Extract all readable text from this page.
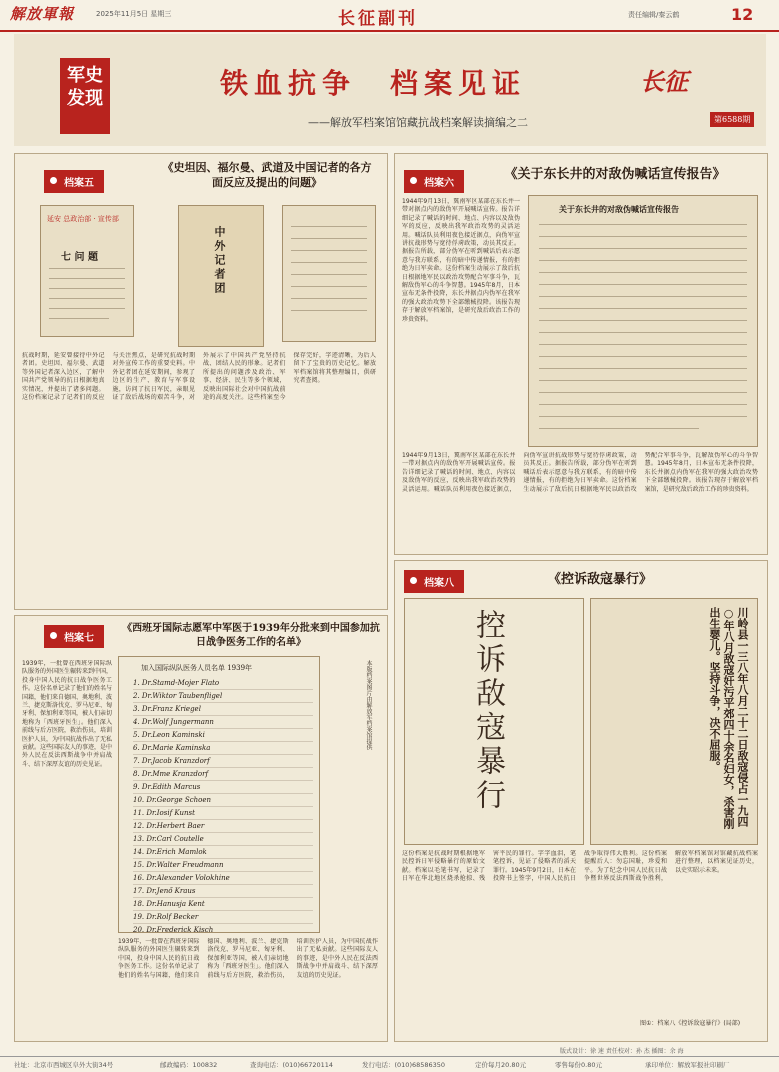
解放軍報	2025年11月5日 星期三	长征副刊	责任编辑/秦云鹤	12
军史
发现	铁血抗争　档案见证
——解放军档案馆馆藏抗战档案解读摘编之二
长征
第6588期
档案五
《史坦因、福尔曼、武道及中国记者的各方面反应及提出的问题》
延安 总政治部 · 宣传部
七 问 题	中外记者团
抗战时期，延安曾接待中外记者团。史坦因、福尔曼、武道等外国记者深入边区，了解中国共产党领导的抗日根据地真实情况，并提出了诸多问题。这份档案记录了记者们的反应与关注焦点，是研究抗战时期对外宣传工作的重要史料。中外记者团在延安期间，参观了边区的生产、教育与军事设施，访问了抗日军民，亲眼见证了敌后战场的艰苦斗争，对外展示了中国共产党坚持抗战、团结人民的形象。记者们所提出的问题涉及政治、军事、经济、民生等多个领域，反映出国际社会对中国抗战前途的高度关注。这些档案至今保存完好，字迹清晰，为后人留下了宝贵的历史记忆。解放军档案馆将其整理编目，供研究者查阅。
档案六
《关于东长井的对敌伪喊话宣传报告》
1944年9月13日，冀南军区某部在东长井一带对据点内的敌伪军开展喊话宣传。报告详细记录了喊话的时间、地点、内容以及敌伪军的反应，反映出我军政治攻势的灵活运用。喊话队员利用夜色接近据点，向伪军宣讲抗战形势与宽待俘虏政策，动员其反正。据报告所载，部分伪军在听到喊话后表示愿意与我方联系，有的暗中传递情报，有的拒绝为日军卖命。这份档案生动展示了敌后抗日根据地军民以政治攻势配合军事斗争，瓦解敌伪军心的斗争智慧。1945年8月，日本宣布无条件投降，东长井据点内伪军在我军的强大政治攻势下全部缴械投降。该报告现存于解放军档案馆，是研究敌后政治工作的珍贵资料。
关于东长井的对敌伪喊话宣传报告
1944年9月13日，冀南军区某部在东长井一带对据点内的敌伪军开展喊话宣传。报告详细记录了喊话的时间、地点、内容以及敌伪军的反应，反映出我军政治攻势的灵活运用。喊话队员利用夜色接近据点，向伪军宣讲抗战形势与宽待俘虏政策，动员其反正。据报告所载，部分伪军在听到喊话后表示愿意与我方联系，有的暗中传递情报，有的拒绝为日军卖命。这份档案生动展示了敌后抗日根据地军民以政治攻势配合军事斗争，瓦解敌伪军心的斗争智慧。1945年8月，日本宣布无条件投降，东长井据点内伪军在我军的强大政治攻势下全部缴械投降。该报告现存于解放军档案馆，是研究敌后政治工作的珍贵资料。
档案七
《西班牙国际志愿军中军医于1939年分批来到中国参加抗日战争医务工作的名单》
1939年，一批曾在西班牙国际纵队服务的外国医生辗转来到中国，投身中国人民的抗日战争医务工作。这份名单记录了他们的姓名与国籍，他们来自德国、奥地利、波兰、捷克斯洛伐克、罗马尼亚、匈牙利、保加利亚等国，被人们亲切地称为「西班牙医生」。他们深入前线与后方医院，救治伤员，培训医护人员，为中国抗战作出了无私贡献。这些国际友人的事迹，是中外人民在反法西斯战争中并肩战斗、结下深厚友谊的历史见证。
加入国际纵队医务人员名单 1939年
1. Dr.Stamd-Mojer Flato
2. Dr.Wiktor Taubenfligel
3. Dr.Franz Kriegel
4. Dr.Wolf Jungermann
5. Dr.Leon Kaminski
6. Dr.Marie Kaminska
7. Dr.Jacob Kranzdorf
8. Dr.Mme Kranzdorf
9. Dr.Edith Marcus
10. Dr.George Schoen
11. Dr.Iosif Kunst
12. Dr.Herbert Baer
13. Dr.Carl Coutelle
14. Dr.Erich Mamlok
15. Dr.Walter Freudmann
16. Dr.Alexander Volokhine
17. Dr.Jenő Kraus
18. Dr.Hanusja Kent
19. Dr.Rolf Becker
20. Dr.Frederick Kisch
本版档案图片由解放军档案馆提供
1939年，一批曾在西班牙国际纵队服务的外国医生辗转来到中国，投身中国人民的抗日战争医务工作。这份名单记录了他们的姓名与国籍，他们来自德国、奥地利、波兰、捷克斯洛伐克、罗马尼亚、匈牙利、保加利亚等国，被人们亲切地称为「西班牙医生」。他们深入前线与后方医院，救治伤员，培训医护人员，为中国抗战作出了无私贡献。这些国际友人的事迹，是中外人民在反法西斯战争中并肩战斗、结下深厚友谊的历史见证。
档案八	《控诉敌寇暴行》
控诉敌寇暴行	川岭县一三八年八月二十二日敌寇侵占一九四○年八月敌寇奸污平郊四十余名妇女，杀害刚出生婴儿。坚持斗争，决不屈服。
这份档案是抗战时期根据地军民控诉日军侵略暴行的原始文献。档案以毛笔书写，记录了日军在华北地区烧杀抢掠、残害平民的罪行。字字血泪，笔笔控诉，见证了侵略者的滔天罪行。1945年9月2日，日本在投降书上签字，中国人民抗日战争取得伟大胜利。这份档案提醒后人：勿忘国耻，珍爱和平。为了纪念中国人民抗日战争暨世界反法西斯战争胜利，解放军档案馆对馆藏抗战档案进行整理，以档案见证历史，以史实昭示未来。
图①：档案八《控诉敌寇暴行》(局部)
版式设计：徐 速 责任校对：孙 杰 插图：余 海
社址：北京市西城区阜外大街34号	邮政编码：100832	查询电话：(010)66720114	发行电话：(010)68586350	定价每月20.80元	零售每份0.80元	承印单位：解放军报社印刷厂
